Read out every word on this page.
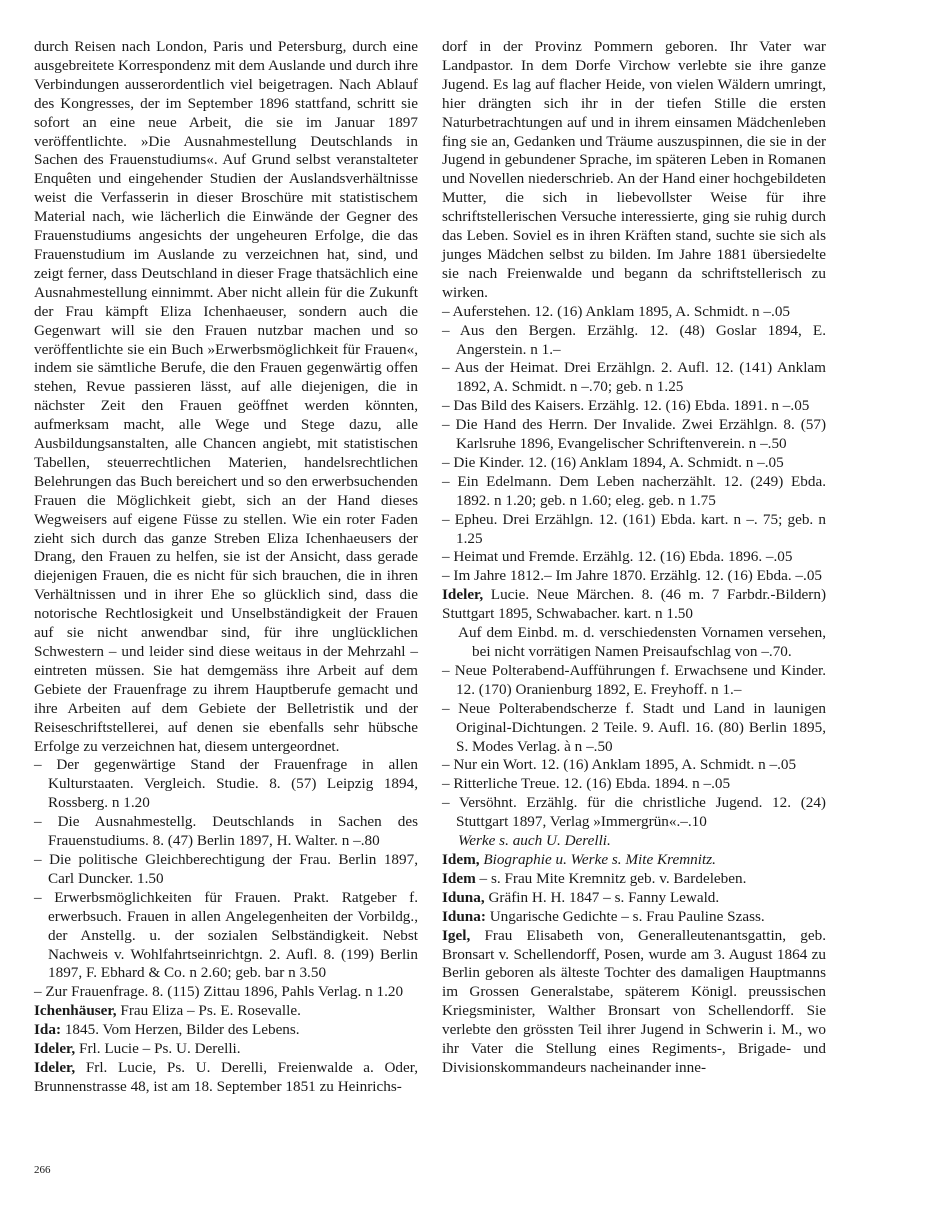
durch Reisen nach London, Paris und Petersburg, durch eine ausgebreitete Korrespondenz mit dem Auslande und durch ihre Verbindungen ausserordentlich viel beigetragen. Nach Ablauf des Kongresses, der im September 1896 stattfand, schritt sie sofort an eine neue Arbeit, die sie im Januar 1897 veröffentlichte. »Die Ausnahmestellung Deutschlands in Sachen des Frauenstudiums«. Auf Grund selbst veranstalteter Enquêten und eingehender Studien der Auslandsverhältnisse weist die Verfasserin in dieser Broschüre mit statistischem Material nach, wie lächerlich die Einwände der Gegner des Frauenstudiums angesichts der ungeheuren Erfolge, die das Frauenstudium im Auslande zu verzeichnen hat, sind, und zeigt ferner, dass Deutschland in dieser Frage thatsächlich eine Ausnahmestellung einnimmt. Aber nicht allein für die Zukunft der Frau kämpft Eliza Ichenhaeuser, sondern auch die Gegenwart will sie den Frauen nutzbar machen und so veröffentlichte sie ein Buch »Erwerbsmöglichkeit für Frauen«, indem sie sämtliche Berufe, die den Frauen gegenwärtig offen stehen, Revue passieren lässt, auf alle diejenigen, die in nächster Zeit den Frauen geöffnet werden könnten, aufmerksam macht, alle Wege und Stege dazu, alle Ausbildungsanstalten, alle Chancen angiebt, mit statistischen Tabellen, steuerrechtlichen Materien, handelsrechtlichen Belehrungen das Buch bereichert und so den erwerbsuchenden Frauen die Möglichkeit giebt, sich an der Hand dieses Wegweisers auf eigene Füsse zu stellen. Wie ein roter Faden zieht sich durch das ganze Streben Eliza Ichenhaeusers der Drang, den Frauen zu helfen, sie ist der Ansicht, dass gerade diejenigen Frauen, die es nicht für sich brauchen, die in ihren Verhältnissen und in ihrer Ehe so glücklich sind, dass die notorische Rechtlosigkeit und Unselbständigkeit der Frauen auf sie nicht anwendbar sind, für ihre unglücklichen Schwestern – und leider sind diese weitaus in der Mehrzahl – eintreten müssen. Sie hat demgemäss ihre Arbeit auf dem Gebiete der Frauenfrage zu ihrem Hauptberufe gemacht und ihre Arbeiten auf dem Gebiete der Belletristik und der Reiseschriftstellerei, auf denen sie ebenfalls sehr hübsche Erfolge zu verzeichnen hat, diesem untergeordnet.

– Der gegenwärtige Stand der Frauenfrage in allen Kulturstaaten. Vergleich. Studie. 8. (57) Leipzig 1894, Rossberg. n 1.20

– Die Ausnahmestellg. Deutschlands in Sachen des Frauenstudiums. 8. (47) Berlin 1897, H. Walter. n –.80

– Die politische Gleichberechtigung der Frau. Berlin 1897, Carl Duncker. 1.50

– Erwerbsmöglichkeiten für Frauen. Prakt. Ratgeber f. erwerbsuch. Frauen in allen Angelegenheiten der Vorbildg., der Anstellg. u. der sozialen Selbständigkeit. Nebst Nachweis v. Wohlfahrtseinrichtgn. 2. Aufl. 8. (199) Berlin 1897, F. Ebhard & Co. n 2.60; geb. bar n 3.50

– Zur Frauenfrage. 8. (115) Zittau 1896, Pahls Verlag. n 1.20

Ichenhäuser, Frau Eliza – Ps. E. Rosevalle.

Ida: 1845. Vom Herzen, Bilder des Lebens.

Ideler, Frl. Lucie – Ps. U. Derelli.

Ideler, Frl. Lucie, Ps. U. Derelli, Freienwalde a. Oder, Brunnenstrasse 48, ist am 18. September 1851 zu Heinrichs-

dorf in der Provinz Pommern geboren. Ihr Vater war Landpastor. In dem Dorfe Virchow verlebte sie ihre ganze Jugend. Es lag auf flacher Heide, von vielen Wäldern umringt, hier drängten sich ihr in der tiefen Stille die ersten Naturbetrachtungen auf und in ihrem einsamen Mädchenleben fing sie an, Gedanken und Träume auszuspinnen, die sie in der Jugend in gebundener Sprache, im späteren Leben in Romanen und Novellen niederschrieb. An der Hand einer hochgebildeten Mutter, die sich in liebevollster Weise für ihre schriftstellerischen Versuche interessierte, ging sie ruhig durch das Leben. Soviel es in ihren Kräften stand, suchte sie sich als junges Mädchen selbst zu bilden. Im Jahre 1881 übersiedelte sie nach Freienwalde und begann da schriftstellerisch zu wirken.

– Auferstehen. 12. (16) Anklam 1895, A. Schmidt. n –.05

– Aus den Bergen. Erzählg. 12. (48) Goslar 1894, E. Angerstein. n 1.–

– Aus der Heimat. Drei Erzählgn. 2. Aufl. 12. (141) Anklam 1892, A. Schmidt. n –.70; geb. n 1.25

– Das Bild des Kaisers. Erzählg. 12. (16) Ebda. 1891. n –.05

– Die Hand des Herrn. Der Invalide. Zwei Erzählgn. 8. (57) Karlsruhe 1896, Evangelischer Schriftenverein. n –.50

– Die Kinder. 12. (16) Anklam 1894, A. Schmidt. n –.05

– Ein Edelmann. Dem Leben nacherzählt. 12. (249) Ebda. 1892. n 1.20; geb. n 1.60; eleg. geb. n 1.75

– Epheu. Drei Erzählgn. 12. (161) Ebda. kart. n –. 75; geb. n 1.25

– Heimat und Fremde. Erzählg. 12. (16) Ebda. 1896. –.05

– Im Jahre 1812.– Im Jahre 1870. Erzählg. 12. (16) Ebda. –.05

Ideler, Lucie. Neue Märchen. 8. (46 m. 7 Farbdr.-Bildern) Stuttgart 1895, Schwabacher. kart. n 1.50

Auf dem Einbd. m. d. verschiedensten Vornamen versehen, bei nicht vorrätigen Namen Preisaufschlag von –.70.

– Neue Polterabend-Aufführungen f. Erwachsene und Kinder. 12. (170) Oranienburg 1892, E. Freyhoff. n 1.–

– Neue Polterabendscherze f. Stadt und Land in launigen Original-Dichtungen. 2 Teile. 9. Aufl. 16. (80) Berlin 1895, S. Modes Verlag. à n –.50

– Nur ein Wort. 12. (16) Anklam 1895, A. Schmidt. n –.05

– Ritterliche Treue. 12. (16) Ebda. 1894. n –.05

– Versöhnt. Erzählg. für die christliche Jugend. 12. (24) Stuttgart 1897, Verlag »Immergrün«.–.10

Werke s. auch U. Derelli.

Idem, Biographie u. Werke s. Mite Kremnitz.

Idem – s. Frau Mite Kremnitz geb. v. Bardeleben.

Iduna, Gräfin H. H. 1847 – s. Fanny Lewald.

Iduna: Ungarische Gedichte – s. Frau Pauline Szass.

Igel, Frau Elisabeth von, Generalleutenantsgattin, geb. Bronsart v. Schellendorff, Posen, wurde am 3. August 1864 zu Berlin geboren als älteste Tochter des damaligen Hauptmanns im Grossen Generalstabe, späterem Königl. preussischen Kriegsminister, Walther Bronsart von Schellendorff. Sie verlebte den grössten Teil ihrer Jugend in Schwerin i. M., wo ihr Vater die Stellung eines Regiments-, Brigade- und Divisionskommandeurs nacheinander inne-

266
